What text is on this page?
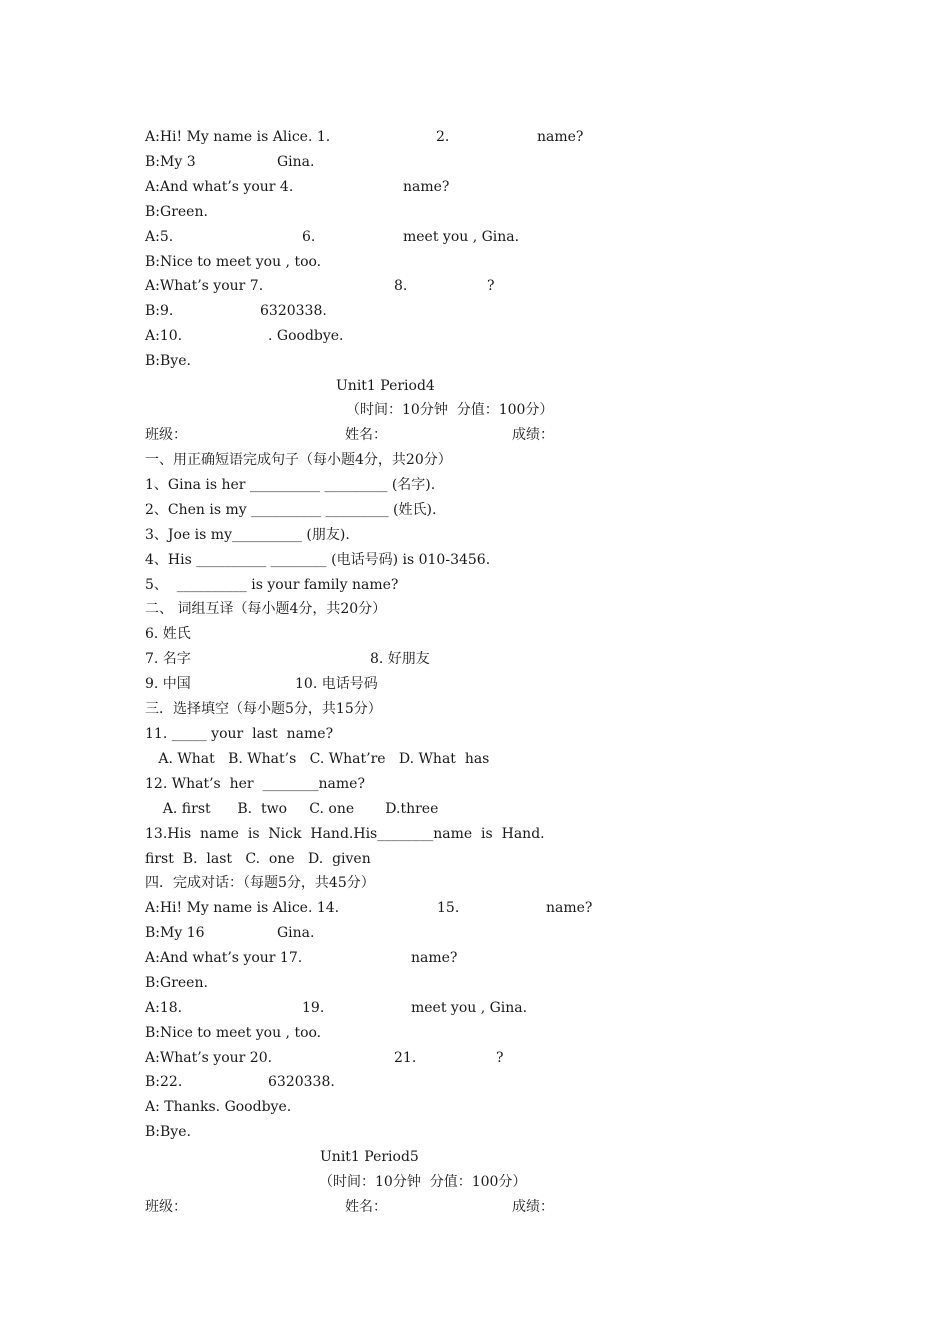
A:Hi! My name is Alice. 1.	2.	name?
B:My 3	Gina.
A:And what’s your 4.	name?
B:Green.
A:5.	6.	meet you , Gina.
B:Nice to meet you , too.
A:What’s your 7.	8.	?
B:9.	6320338.
A:10.	. Goodbye.
B:Bye.
Unit1 Period4
（时间：10分钟  分值：100分）
班级：	姓名：	成绩：
一、用正确短语完成句子（每小题4分，共20分）
1、Gina is her __________ _________ (名字).
2、Chen is my __________ _________ (姓氏).
3、Joe is my__________ (朋友).
4、His __________ ________ (电话号码) is 010-3456.
5、  __________ is your family name?
二、 词组互译（每小题4分，共20分）
6. 姓氏
7. 名字	8. 好朋友
9. 中国	10. 电话号码
三．选择填空（每小题5分，共15分）
11. _____ your  last  name?
A. What   B. What’s   C. What’re   D. What  has
12. What’s  her  ________name?
A. first      B.  two     C. one       D.three
13.His  name  is  Nick  Hand.His________name  is  Hand.
first  B.  last   C.  one   D.  given
四．完成对话：（每题5分，共45分）
A:Hi! My name is Alice. 14.	15.	name?
B:My 16	Gina.
A:And what’s your 17.	name?
B:Green.
A:18.	19.	meet you , Gina.
B:Nice to meet you , too.
A:What’s your 20.	21.	?
B:22.	6320338.
A: Thanks. Goodbye.
B:Bye.
Unit1 Period5
（时间：10分钟  分值：100分）
班级：	姓名：	成绩：
